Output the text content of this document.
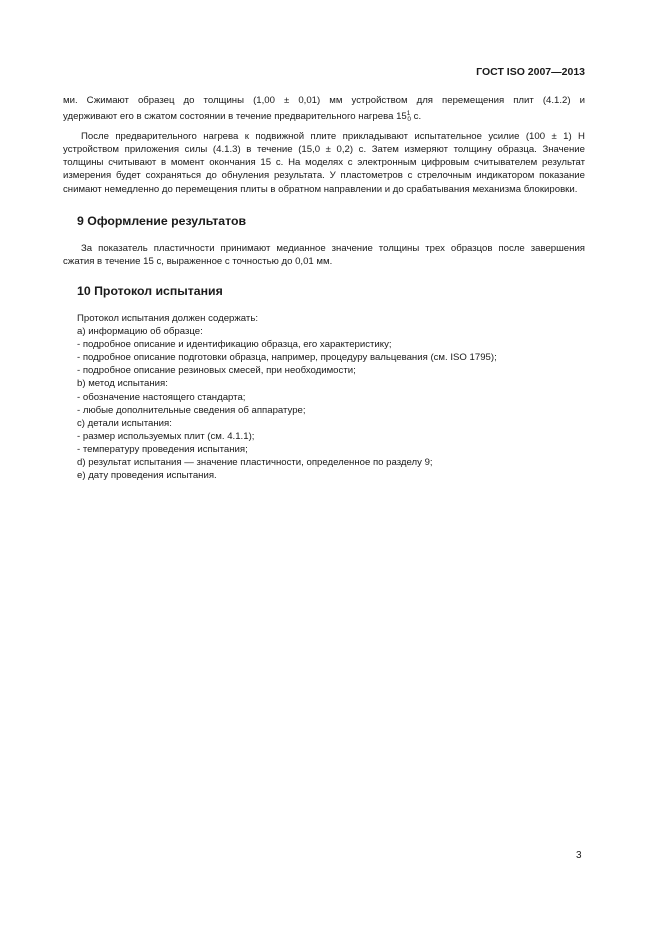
ГОСТ ISO 2007—2013

ми. Сжимают образец до толщины (1,00 ± 0,01) мм устройством для перемещения плит (4.1.2) и

удерживают его в сжатом состоянии в течение предварительного нагрева $15^1_0$ с.

После предварительного нагрева к подвижной плите прикладывают испытательное усилие (100 ± 1) Н устройством приложения силы (4.1.3) в течение (15,0 ± 0,2) с. Затем измеряют толщину образца. Значение толщины считывают в момент окончания 15 с. На моделях с электронным цифровым считывателем результат измерения будет сохраняться до обнуления результата. У пластометров с стрелочным индикатором показание снимают немедленно до перемещения плиты в обратном направлении и до срабатывания механизма блокировки.

9 Оформление результатов

За показатель пластичности принимают медианное значение толщины трех образцов после завершения сжатия в течение 15 с, выраженное с точностью до 0,01 мм.

10 Протокол испытания

Протокол испытания должен содержать:

a) информацию об образце:

- подробное описание и идентификацию образца, его характеристику;

- подробное описание подготовки образца, например, процедуру вальцевания (см. ISO 1795);

- подробное описание резиновых смесей, при необходимости;

b) метод испытания:

- обозначение настоящего стандарта;

- любые дополнительные сведения об аппаратуре;

c) детали испытания:

- размер используемых плит (см. 4.1.1);

- температуру проведения испытания;

d) результат испытания — значение пластичности, определенное по разделу 9;

e) дату проведения испытания.

3
